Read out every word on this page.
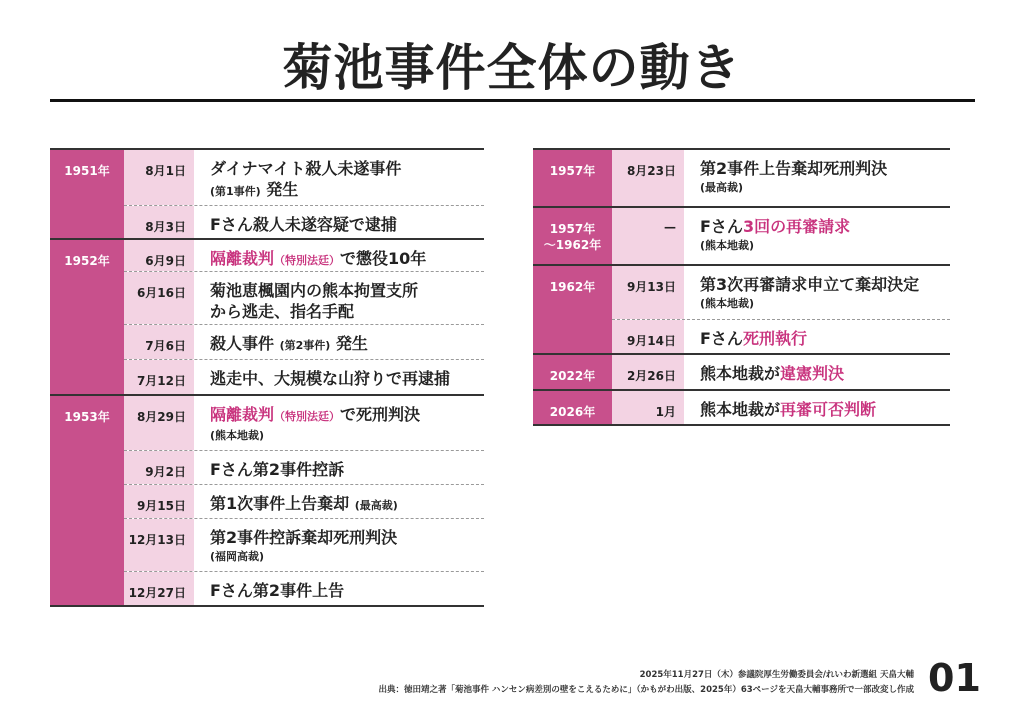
菊池事件全体の動き
1951年	8月1日	ダイナマイト殺人未遂事件
(第1事件) 発生
8月3日	Fさん殺人未遂容疑で逮捕
1952年	6月9日	隔離裁判（特別法廷）で懲役10年
6月16日	菊池恵楓園内の熊本拘置支所
から逃走、指名手配
7月6日	殺人事件 (第2事件) 発生
7月12日	逃走中、大規模な山狩りで再逮捕
1953年	8月29日	隔離裁判（特別法廷）で死刑判決
(熊本地裁)
9月2日	Fさん第2事件控訴
9月15日	第1次事件上告棄却 (最高裁)
12月13日	第2事件控訴棄却死刑判決
(福岡高裁)
12月27日	Fさん第2事件上告
1957年	8月23日	第2事件上告棄却死刑判決
(最高裁)
1957年
～1962年
—	Fさん3回の再審請求
(熊本地裁)
1962年	9月13日	第3次再審請求申立て棄却決定
(熊本地裁)
9月14日	Fさん死刑執行
2022年	2月26日	熊本地裁が違憲判決
2026年	1月	熊本地裁が再審可否判断
2025年11月27日（木）参議院厚生労働委員会/れいわ新選組 天畠大輔
出典：徳田靖之著「菊池事件 ハンセン病差別の壁をこえるために」（かもがわ出版、2025年）63ページを天畠大輔事務所で一部改変し作成 01
